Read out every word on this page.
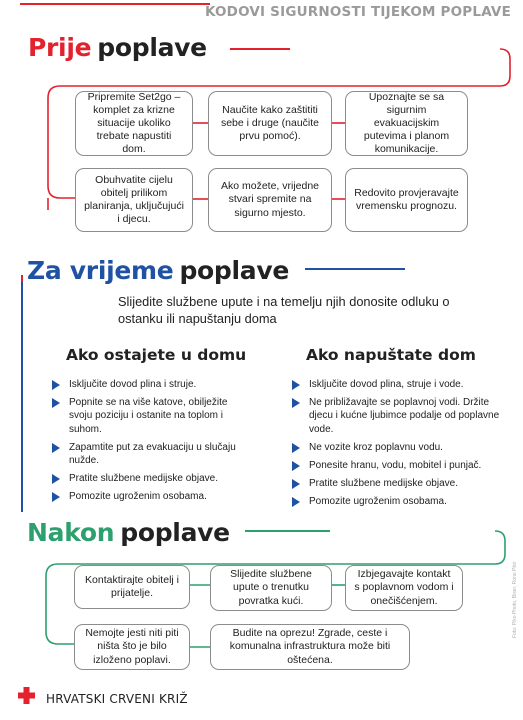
KODOVI SIGURNOSTI TIJEKOM POPLAVE
Prije poplave
Pripremite Set2go – komplet za krizne situacije ukoliko trebate napustiti dom.
Naučite kako zaštititi sebe i druge (naučite prvu pomoć).
Upoznajte se sa sigurnim evakuacijskim putevima i planom komunikacije.
Obuhvatite cijelu obitelj prilikom planiranja, uključujući i djecu.
Ako možete, vrijedne stvari spremite na sigurno mjesto.
Redovito provjeravajte vremensku prognozu.
Za vrijeme poplave
Slijedite službene upute i na temelju njih donosite odluku o ostanku ili napuštanju doma
Ako ostajete u domu
Isključite dovod plina i struje.
Popnite se na više katove, obilježite svoju poziciju i ostanite na toplom i suhom.
Zapamtite put za evakuaciju u slučaju nužde.
Pratite službene medijske objave.
Pomozite ugroženim osobama.
Ako napuštate dom
Isključite dovod plina, struje i vode.
Ne približavajte se poplavnoj vodi. Držite djecu i kućne ljubimce podalje od poplavne vode.
Ne vozite kroz poplavnu vodu.
Ponesite hranu, vodu, mobitel i punjač.
Pratite službene medijske objave.
Pomozite ugroženim osobama.
Nakon poplave
Kontaktirajte obitelj i prijatelje.
Slijedite službene upute o trenutku povratka kući.
Izbjegavajte kontakt s poplavnom vodom i onečišćenjem.
Nemojte jesti niti piti ništa što je bilo izloženo poplavi.
Budite na oprezu! Zgrade, ceste i komunalna infrastruktura može biti oštećena.
HRVATSKI CRVENI KRIŽ
Foto: Piko Photo, Biser, Rono Pikir
